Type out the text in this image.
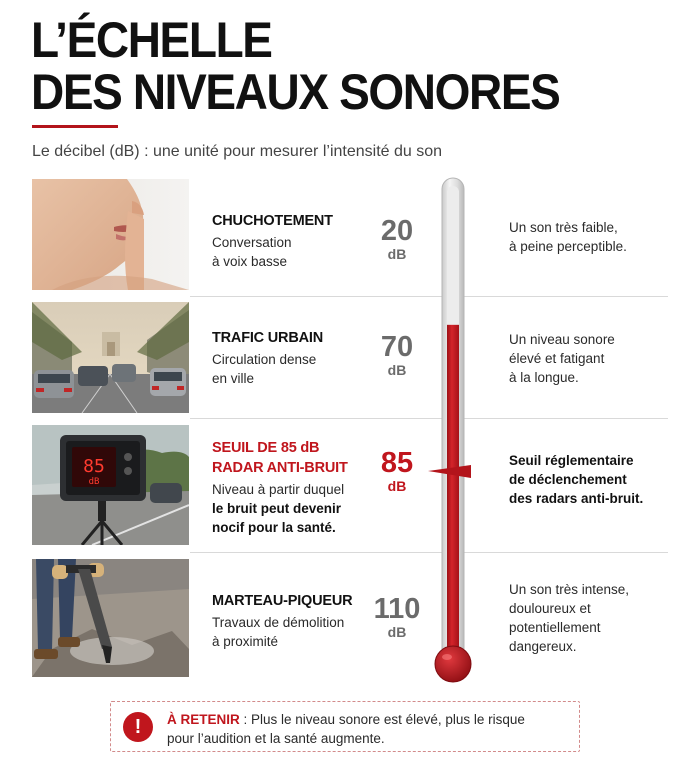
L’ÉCHELLE
DES NIVEAUX SONORES
Le décibel (dB) : une unité pour mesurer l’intensité du son
CHUCHOTEMENT
Conversation
à voix basse
20
dB
Un son très faible,
à peine perceptible.
TRAFIC URBAIN
Circulation dense
en ville
70
dB
Un niveau sonore
élevé et fatigant
à la longue.
85
dB
SEUIL DE 85 dB
RADAR ANTI-BRUIT
Niveau à partir duquel
le bruit peut devenir
nocif pour la santé.
85
dB
Seuil réglementaire
de déclenchement
des radars anti-bruit.
MARTEAU-PIQUEUR
Travaux de démolition
à proximité
110
dB
Un son très intense,
douloureux et
potentiellement
dangereux.
!	À RETENIR : Plus le niveau sonore est élevé, plus le risque
pour l’audition et la santé augmente.
